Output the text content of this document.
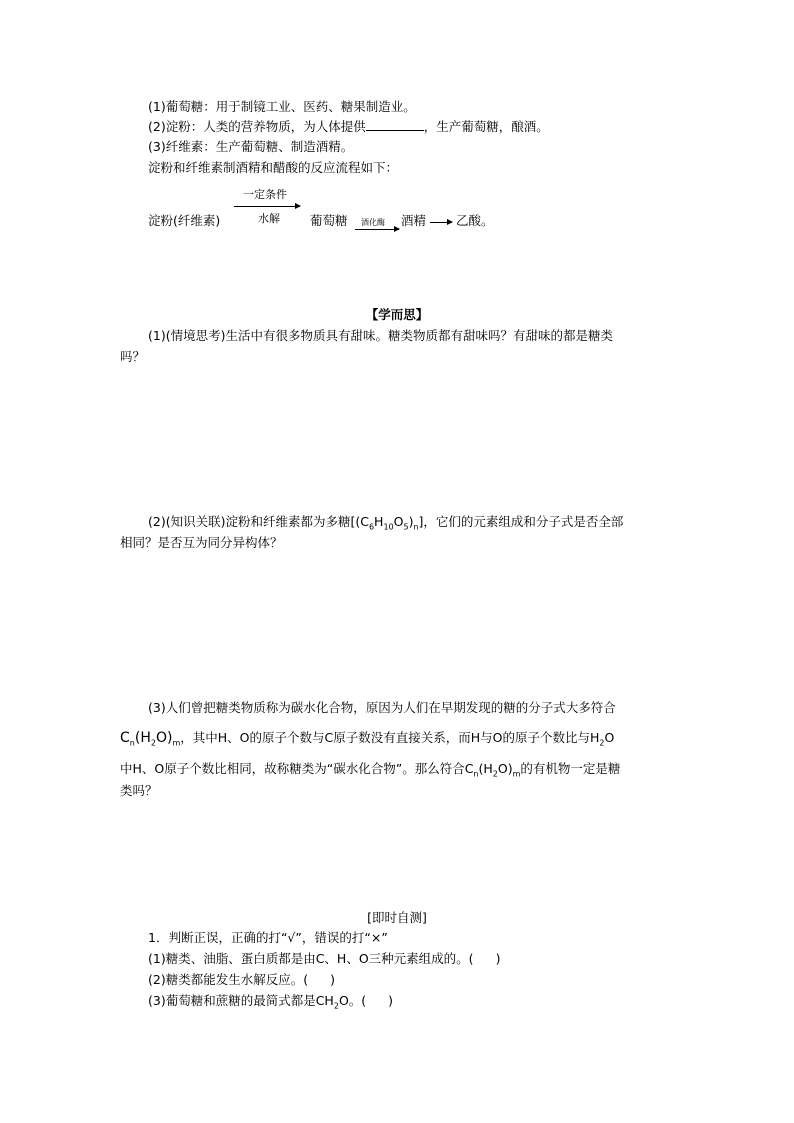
(1)葡萄糖：用于制镜工业、医药、糖果制造业。
(2)淀粉：人类的营养物质，为人体提供	，生产葡萄糖，酿酒。
(3)纤维素：生产葡萄糖、制造酒精。
淀粉和纤维素制酒精和醋酸的反应流程如下：
一定条件
水解
淀粉(纤维素)	葡萄糖 酒化酶 酒精 乙酸。
【学而思】
(1)(情境思考)生活中有很多物质具有甜味。糖类物质都有甜味吗？有甜味的都是糖类
吗？
(2)(知识关联)淀粉和纤维素都为多糖$[(C_6H_{10}O_5)_n]$，它们的元素组成和分子式是否全部
相同？是否互为同分异构体？
(3)人们曾把糖类物质称为碳水化合物，原因为人们在早期发现的糖的分子式大多符合
$C_n(H_2O)_m$，其中H、O的原子个数与C原子数没有直接关系，而H与O的原子个数比与$H_2O$
中H、O原子个数比相同，故称糖类为“碳水化合物”。那么符合$C_n(H_2O)_m$的有机物一定是糖
类吗？
[即时自测]
1．判断正误，正确的打“√”，错误的打“×”
(1)糖类、油脂、蛋白质都是由C、H、O三种元素组成的。( )
(2)糖类都能发生水解反应。( )
(3)葡萄糖和蔗糖的最简式都是$CH_2O$。( )
